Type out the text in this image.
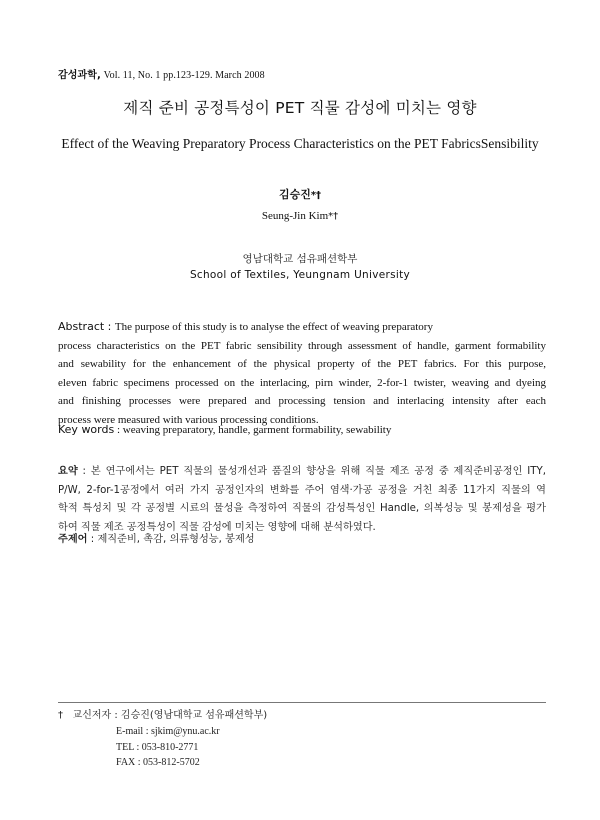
감성과학, Vol. 11, No. 1 pp.123-129. March 2008
제직 준비 공정특성이 PET 직물 감성에 미치는 영향
Effect of the Weaving Preparatory Process Characteristics on the PET FabricsSensibility
김승진*†
Seung-Jin Kim*†
영남대학교 섬유패션학부
School of Textiles, Yeungnam University
Abstract : The purpose of this study is to analyse the effect of weaving preparatory
process characteristics on the PET fabric sensibility through assessment of handle, garment formability
and sewability for the enhancement of the physical property of the PET fabrics. For this purpose,
eleven fabric specimens processed on the interlacing, pirn winder, 2-for-1 twister, weaving and dyeing
and finishing processes were prepared and processing tension and interlacing intensity after each
process were measured with various processing conditions.
Key words : weaving preparatory, handle, garment formability, sewability
요약 : 본 연구에서는 PET 직물의 물성개선과 품질의 향상을 위해 직물 제조 공정 중 제직준비공정인 ITY,
P/W, 2-for-1공정에서 여러 가지 공정인자의 변화를 주어 염색·가공 공정을 거친 최종 11가지 직물의 역
학적 특성치 및 각 공정별 시료의 물성을 측정하여 직물의 감성특성인 Handle, 의복성능 및 봉제성을 평가
하여 직물 제조 공정특성이 직물 감성에 미치는 영향에 대해 분석하였다.
주제어 : 제직준비, 촉감, 의류형성능, 봉제성
† 교신저자 : 김승진(영남대학교 섬유패션학부)
E-mail : sjkim@ynu.ac.kr
TEL : 053-810-2771
FAX : 053-812-5702
